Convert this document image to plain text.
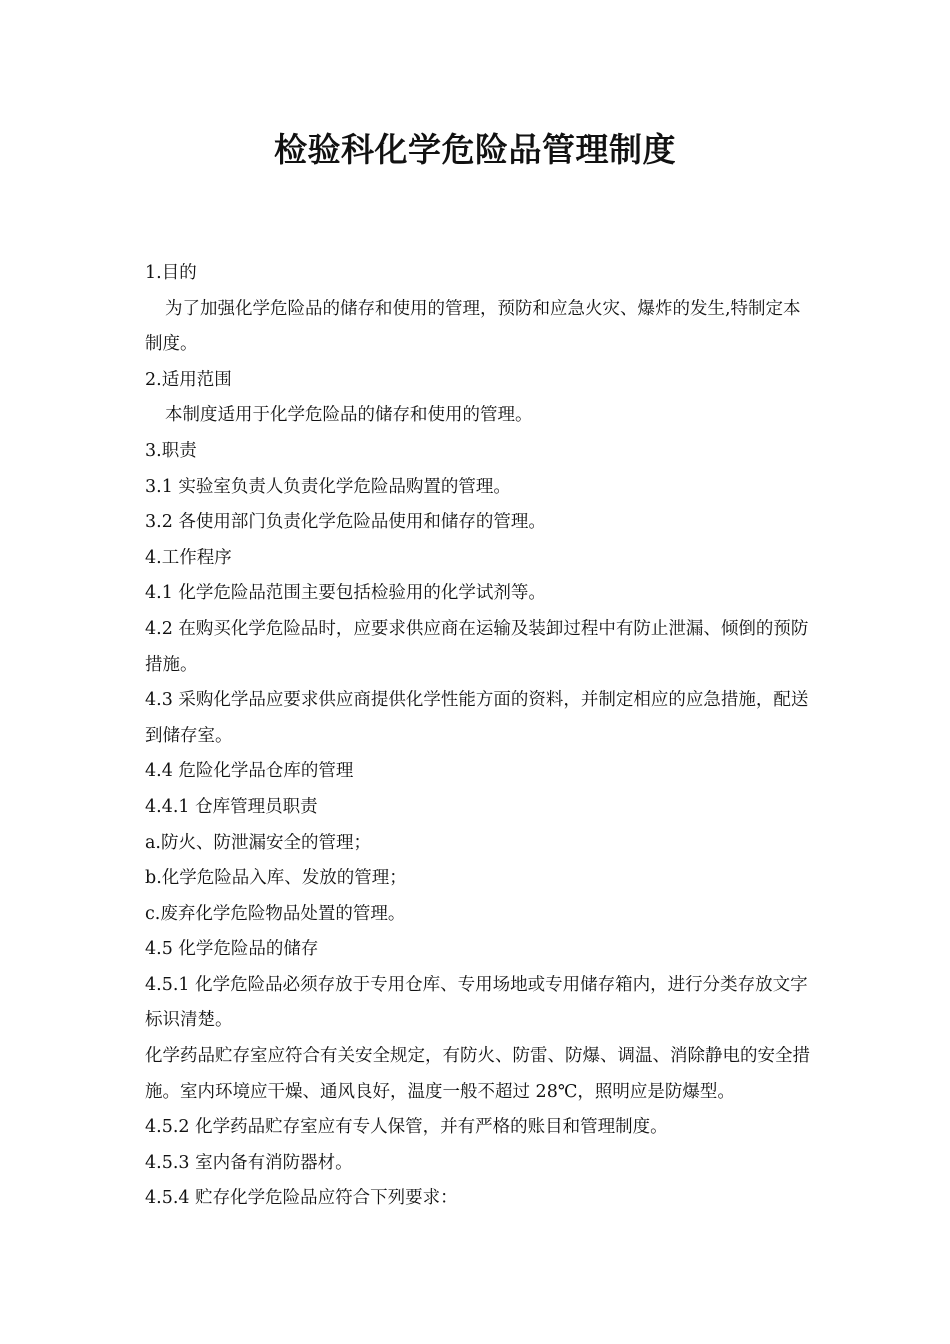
检验科化学危险品管理制度

1.目的

为了加强化学危险品的储存和使用的管理，预防和应急火灾、爆炸的发生,特制定本制度。

2.适用范围

本制度适用于化学危险品的储存和使用的管理。

3.职责

3.1 实验室负责人负责化学危险品购置的管理。

3.2 各使用部门负责化学危险品使用和储存的管理。

4.工作程序

4.1 化学危险品范围主要包括检验用的化学试剂等。

4.2 在购买化学危险品时，应要求供应商在运输及装卸过程中有防止泄漏、倾倒的预防措施。

4.3 采购化学品应要求供应商提供化学性能方面的资料，并制定相应的应急措施，配送到储存室。

4.4 危险化学品仓库的管理

4.4.1 仓库管理员职责

a.防火、防泄漏安全的管理；

b.化学危险品入库、发放的管理；

c.废弃化学危险物品处置的管理。

4.5 化学危险品的储存

4.5.1 化学危险品必须存放于专用仓库、专用场地或专用储存箱内，进行分类存放文字标识清楚。

化学药品贮存室应符合有关安全规定，有防火、防雷、防爆、调温、消除静电的安全措施。室内环境应干燥、通风良好，温度一般不超过 28℃，照明应是防爆型。

4.5.2 化学药品贮存室应有专人保管，并有严格的账目和管理制度。

4.5.3 室内备有消防器材。

4.5.4 贮存化学危险品应符合下列要求：
